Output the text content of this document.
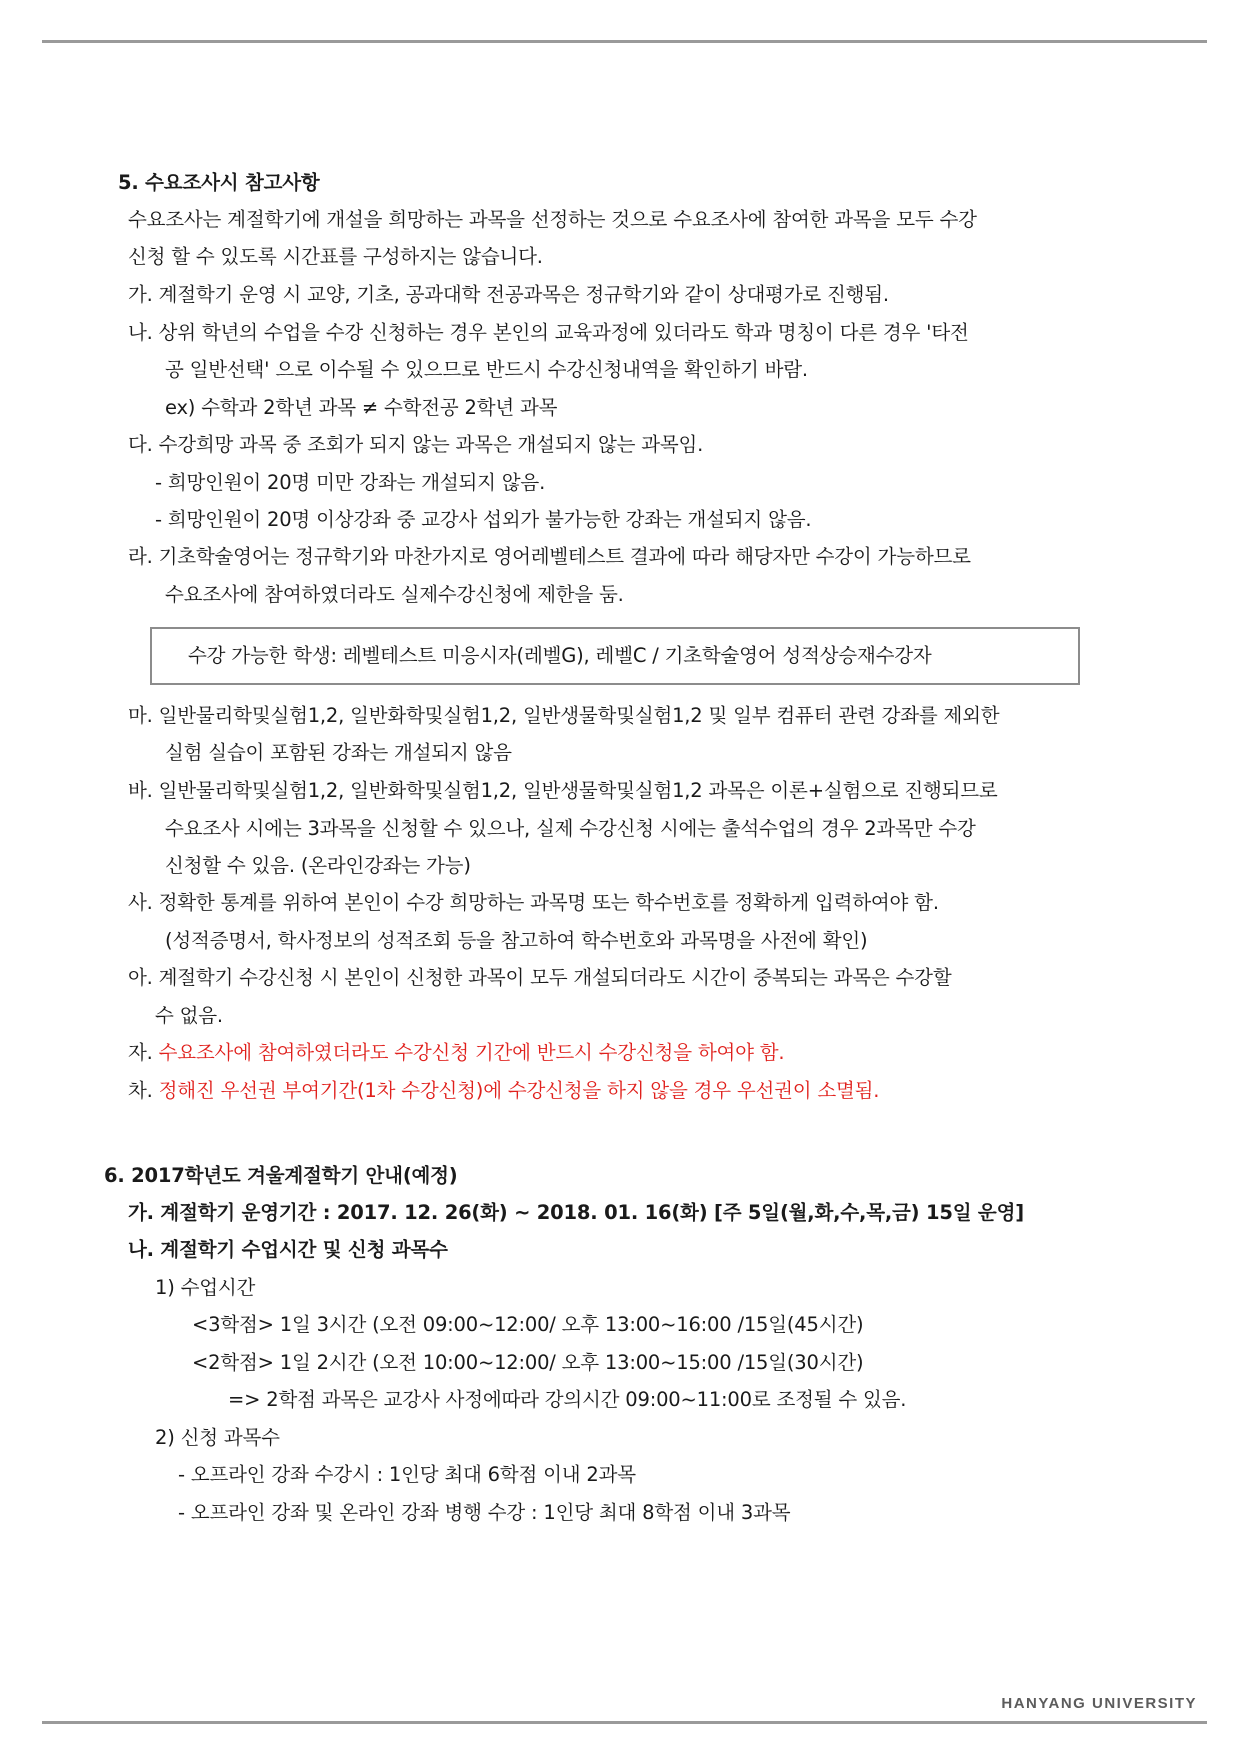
5. 수요조사시 참고사항
수요조사는 계절학기에 개설을 희망하는 과목을 선정하는 것으로 수요조사에 참여한 과목을 모두 수강
신청 할 수 있도록 시간표를 구성하지는 않습니다.
가. 계절학기 운영 시 교양, 기초, 공과대학 전공과목은 정규학기와 같이 상대평가로 진행됨.
나. 상위 학년의 수업을 수강 신청하는 경우 본인의 교육과정에 있더라도 학과 명칭이 다른 경우 '타전
공 일반선택' 으로 이수될 수 있으므로 반드시 수강신청내역을 확인하기 바람.
ex) 수학과 2학년 과목 ≠ 수학전공 2학년 과목
다. 수강희망 과목 중 조회가 되지 않는 과목은 개설되지 않는 과목임.
- 희망인원이 20명 미만 강좌는 개설되지 않음.
- 희망인원이 20명 이상강좌 중 교강사 섭외가 불가능한 강좌는 개설되지 않음.
라. 기초학술영어는 정규학기와 마찬가지로 영어레벨테스트 결과에 따라 해당자만 수강이 가능하므로
수요조사에 참여하였더라도 실제수강신청에 제한을 둠.
수강 가능한 학생: 레벨테스트 미응시자(레벨G), 레벨C / 기초학술영어 성적상승재수강자
마. 일반물리학및실험1,2, 일반화학및실험1,2, 일반생물학및실험1,2 및 일부 컴퓨터 관련 강좌를 제외한
실험 실습이 포함된 강좌는 개설되지 않음
바. 일반물리학및실험1,2, 일반화학및실험1,2, 일반생물학및실험1,2 과목은 이론+실험으로 진행되므로
수요조사 시에는 3과목을 신청할 수 있으나, 실제 수강신청 시에는 출석수업의 경우 2과목만 수강
신청할 수 있음. (온라인강좌는 가능)
사. 정확한 통계를 위하여 본인이 수강 희망하는 과목명 또는 학수번호를 정확하게 입력하여야 함.
(성적증명서, 학사정보의 성적조회 등을 참고하여 학수번호와 과목명을 사전에 확인)
아. 계절학기 수강신청 시 본인이 신청한 과목이 모두 개설되더라도 시간이 중복되는 과목은 수강할
수 없음.
자. 수요조사에 참여하였더라도 수강신청 기간에 반드시 수강신청을 하여야 함.
차. 정해진 우선권 부여기간(1차 수강신청)에 수강신청을 하지 않을 경우 우선권이 소멸됨.
6. 2017학년도 겨울계절학기 안내(예정)
가. 계절학기 운영기간 : 2017. 12. 26(화) ~ 2018. 01. 16(화) [주 5일(월,화,수,목,금) 15일 운영]
나. 계절학기 수업시간 및 신청 과목수
1) 수업시간
<3학점> 1일 3시간 (오전 09:00~12:00/ 오후 13:00~16:00 /15일(45시간)
<2학점> 1일 2시간 (오전 10:00~12:00/ 오후 13:00~15:00 /15일(30시간)
=> 2학점 과목은 교강사 사정에따라 강의시간 09:00~11:00로 조정될 수 있음.
2) 신청 과목수
- 오프라인 강좌 수강시 : 1인당 최대 6학점 이내 2과목
- 오프라인 강좌 및 온라인 강좌 병행 수강 : 1인당 최대 8학점 이내 3과목
HANYANG UNIVERSITY
